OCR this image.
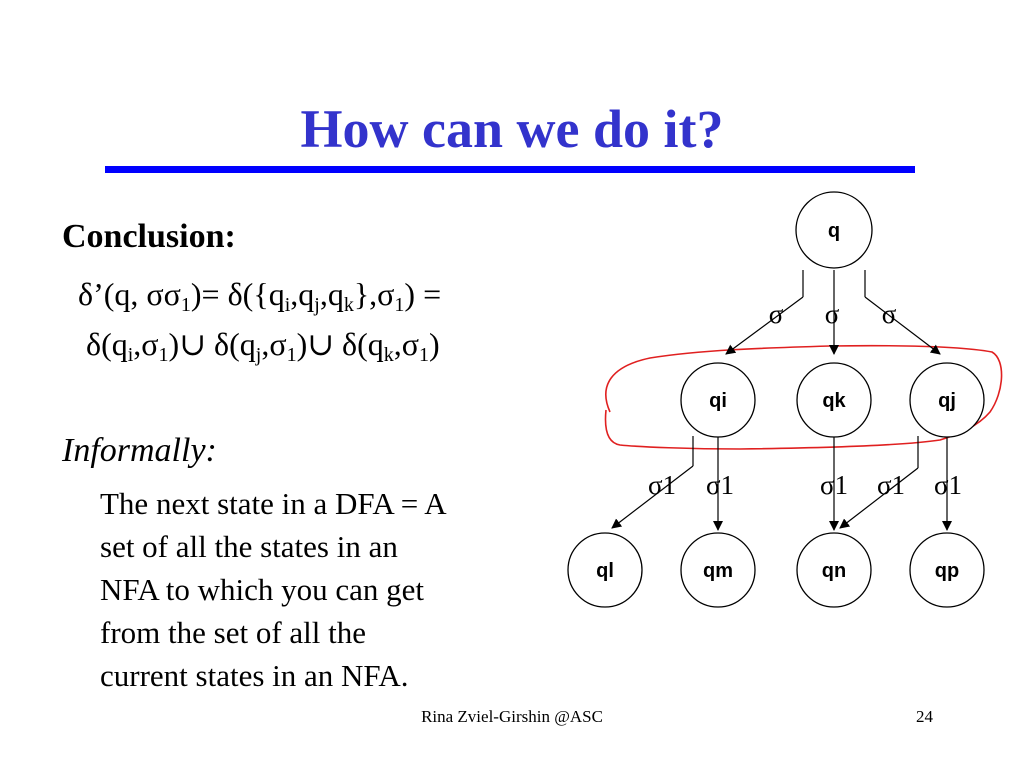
How can we do it?
Conclusion:
δ’(q, $\sigma\sigma_1)= \delta(\{q_i,q_j,q_k\},\sigma_1)$ =
$\delta(q_i,\sigma_1)\cup$ $\delta(q_j,\sigma_1)\cup$ $\delta(q_k,\sigma_1)$
Informally:
The next state in a DFA = A
set of all the states in an
NFA to which you can get
from the set of all the
current states in an NFA.
q
qi	qk	qj
ql	qm	qn	qp
σ σ σ
σ1 σ1	σ1 σ1 σ1
Rina Zviel-Girshin @ASC	24
